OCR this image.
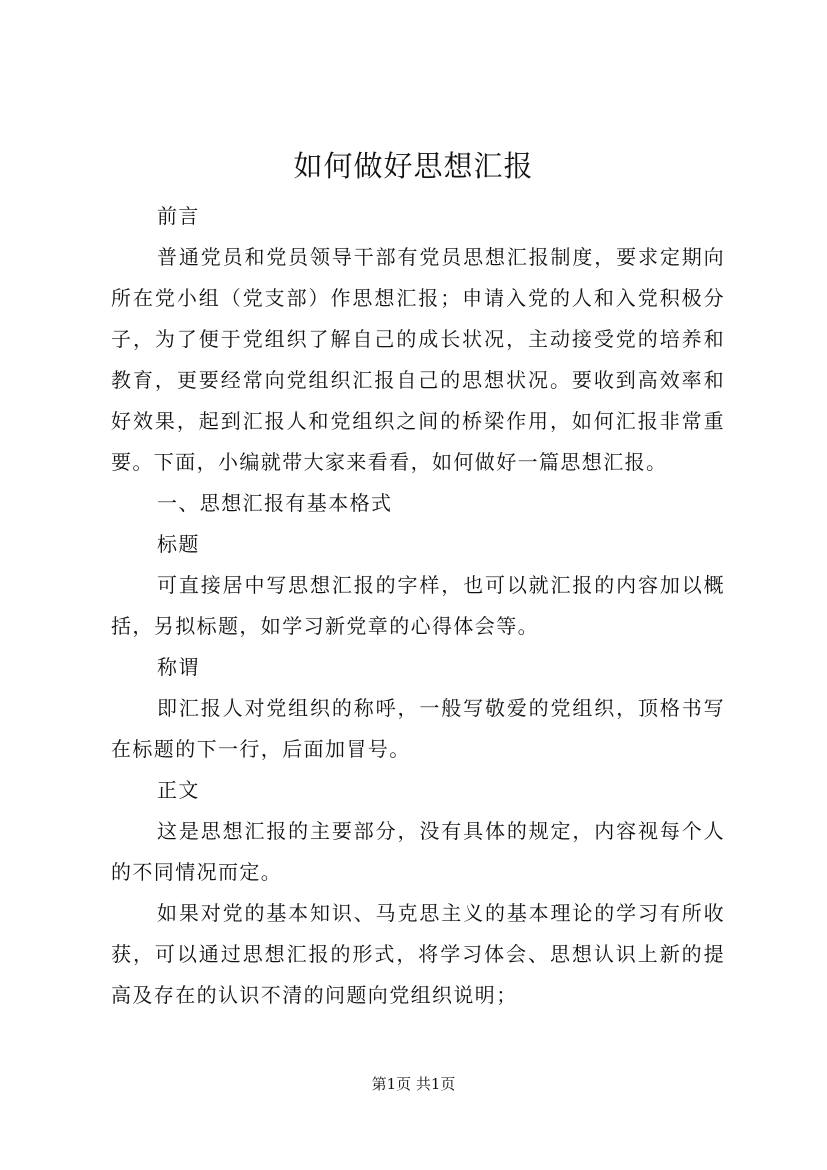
如何做好思想汇报

前言

普通党员和党员领导干部有党员思想汇报制度，要求定期向所在党小组（党支部）作思想汇报；申请入党的人和入党积极分子，为了便于党组织了解自己的成长状况，主动接受党的培养和教育，更要经常向党组织汇报自己的思想状况。要收到高效率和好效果，起到汇报人和党组织之间的桥梁作用，如何汇报非常重要。下面，小编就带大家来看看，如何做好一篇思想汇报。

一、思想汇报有基本格式

标题

可直接居中写思想汇报的字样，也可以就汇报的内容加以概括，另拟标题，如学习新党章的心得体会等。

称谓

即汇报人对党组织的称呼，一般写敬爱的党组织，顶格书写在标题的下一行，后面加冒号。

正文

这是思想汇报的主要部分，没有具体的规定，内容视每个人的不同情况而定。

如果对党的基本知识、马克思主义的基本理论的学习有所收获，可以通过思想汇报的形式，将学习体会、思想认识上新的提高及存在的认识不清的问题向党组织说明；

第1页 共1页
